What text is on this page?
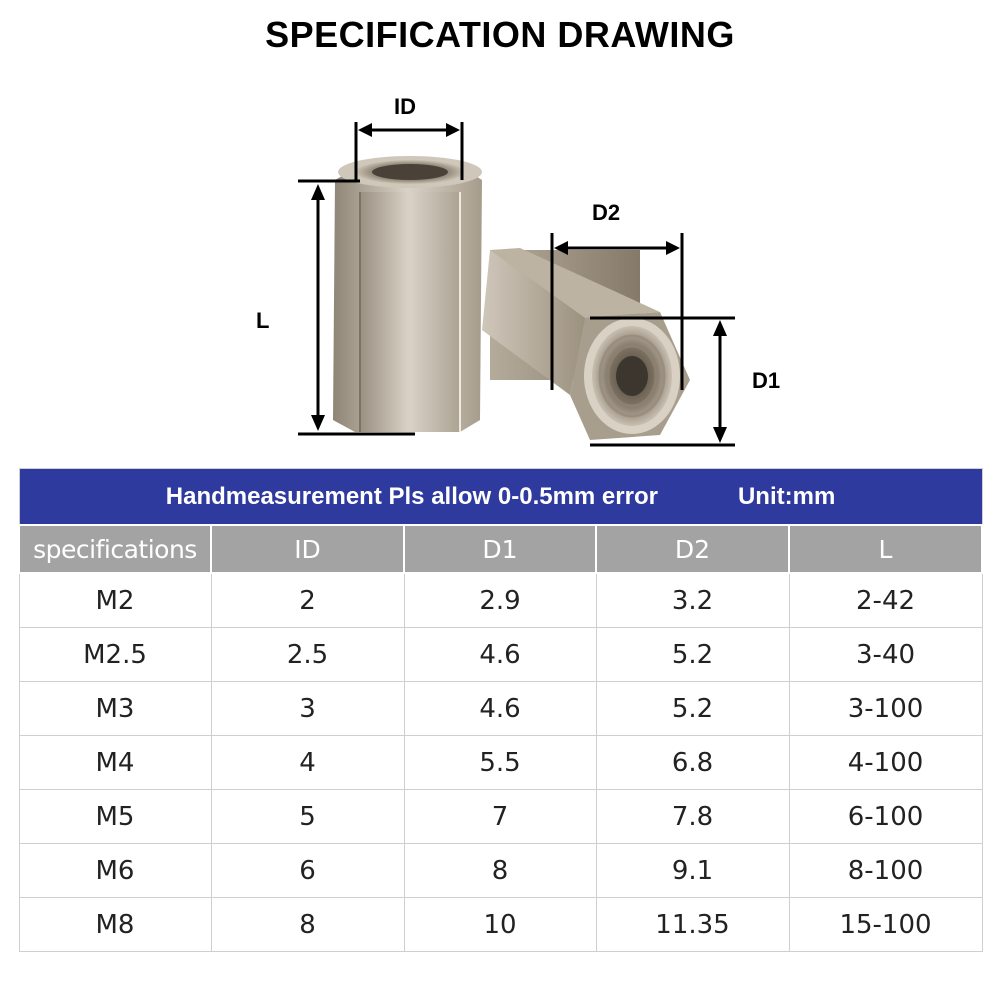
SPECIFICATION DRAWING
ID
D2
L
D1
Handmeasurement Pls allow 0-0.5mm error Unit:mm				
specifications	ID	D1	D2	L
M2	2	2.9	3.2	2-42
M2.5	2.5	4.6	5.2	3-40
M3	3	4.6	5.2	3-100
M4	4	5.5	6.8	4-100
M5	5	7	7.8	6-100
M6	6	8	9.1	8-100
M8	8	10	11.35	15-100
